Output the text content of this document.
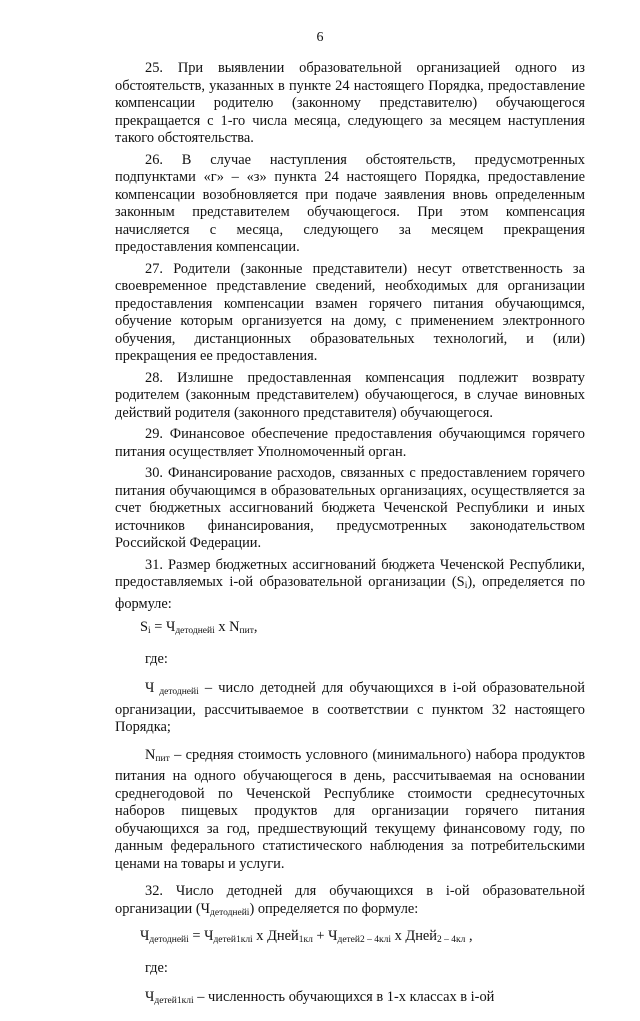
6

25. При выявлении образовательной организацией одного из обстоятельств, указанных в пункте 24 настоящего Порядка, предоставление компенсации родителю (законному представителю) обучающегося прекращается с 1-го числа месяца, следующего за месяцем наступления такого обстоятельства.

26. В случае наступления обстоятельств, предусмотренных подпунктами «г» – «з» пункта 24 настоящего Порядка, предоставление компенсации возобновляется при подаче заявления вновь определенным законным представителем обучающегося. При этом компенсация начисляется с месяца, следующего за месяцем прекращения предоставления компенсации.

27. Родители (законные представители) несут ответственность за своевременное представление сведений, необходимых для организации предоставления компенсации взамен горячего питания обучающимся, обучение которым организуется на дому, с применением электронного обучения, дистанционных образовательных технологий, и (или) прекращения ее предоставления.

28. Излишне предоставленная компенсация подлежит возврату родителем (законным представителем) обучающегося, в случае виновных действий родителя (законного представителя) обучающегося.

29. Финансовое обеспечение предоставления обучающимся горячего питания осуществляет Уполномоченный орган.

30. Финансирование расходов, связанных с предоставлением горячего питания обучающимся в образовательных организациях, осуществляется за счет бюджетных ассигнований бюджета Чеченской Республики и иных источников финансирования, предусмотренных законодательством Российской Федерации.

31. Размер бюджетных ассигнований бюджета Чеченской Республики, предоставляемых i-ой образовательной организации $(S_i)$, определяется по формуле:

$S_i = Ч_{детоднейi}$ x $N_{пит}$,

где:

Ч $_{детоднейi}$ – число детодней для обучающихся в i-ой образовательной организации, рассчитываемое в соответствии с пунктом 32 настоящего Порядка;

$N_{пит}$ – средняя стоимость условного (минимального) набора продуктов питания на одного обучающегося в день, рассчитываемая на основании среднегодовой по Чеченской Республике стоимости среднесуточных наборов пищевых продуктов для организации горячего питания обучающихся за год, предшествующий текущему финансовому году, по данным федерального статистического наблюдения за потребительскими ценами на товары и услуги.

32. Число детодней для обучающихся в i-ой образовательной организации $(Ч_{детоднейi})$ определяется по формуле:

$Ч_{детоднейi} = Ч_{детей1клi}$ x Дней$_{1кл}$ + $Ч_{детей2 - 4клi}$ x Дней$_{2 - 4кл}$ ,

где:

$Ч_{детей1клi}$ – численность обучающихся в 1-х классах в i-ой
